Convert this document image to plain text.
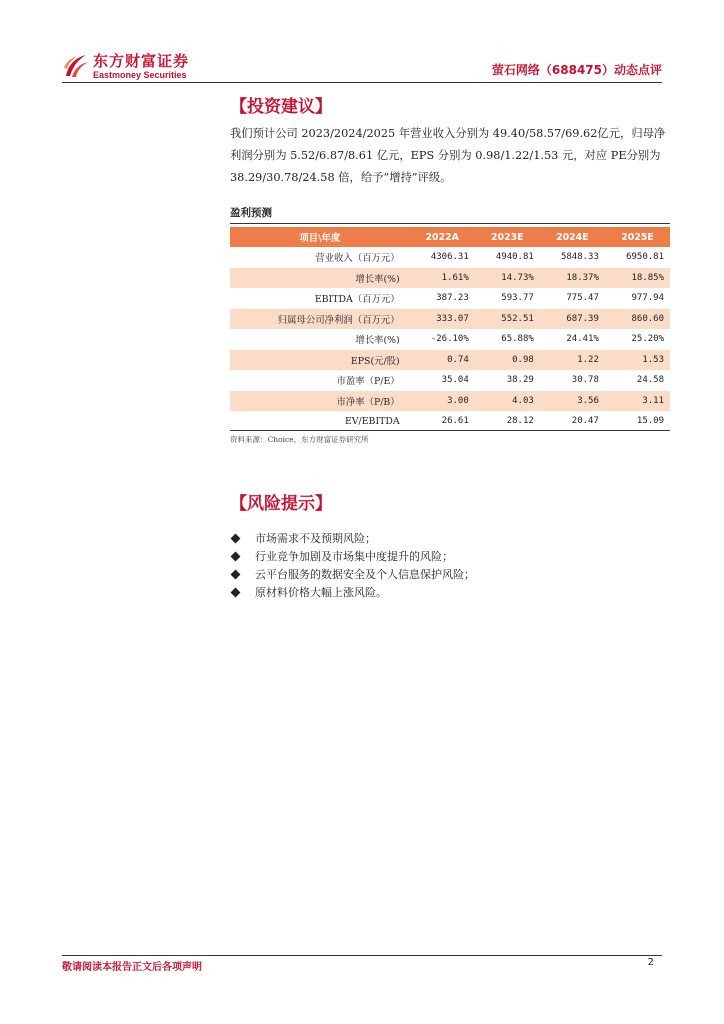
东方财富证券
Eastmoney Securities	萤石网络（688475）动态点评
【投资建议】
我们预计公司 2023/2024/2025 年营业收入分别为 49.40/58.57/69.62亿元，归母净利润分别为 5.52/6.87/8.61 亿元，EPS 分别为 0.98/1.22/1.53 元，对应 PE分别为38.29/30.78/24.58 倍，给予“增持”评级。
盈利预测
项目\年度	2022A	2023E	2024E	2025E
营业收入（百万元）	4306.31	4940.81	5848.33	6950.81
增长率(%)	1.61%	14.73%	18.37%	18.85%
EBITDA（百万元）	387.23	593.77	775.47	977.94
归属母公司净利润（百万元）	333.07	552.51	687.39	860.60
增长率(%)	-26.10%	65.88%	24.41%	25.20%
EPS(元/股)	0.74	0.98	1.22	1.53
市盈率（P/E）	35.04	38.29	30.78	24.58
市净率（P/B）	3.00	4.03	3.56	3.11
EV/EBITDA	26.61	28.12	20.47	15.09
资料来源：Choice，东方财富证券研究所
【风险提示】
市场需求不及预期风险；
行业竞争加剧及市场集中度提升的风险；
云平台服务的数据安全及个人信息保护风险；
原材料价格大幅上涨风险。
敬请阅读本报告正文后各项声明	2
